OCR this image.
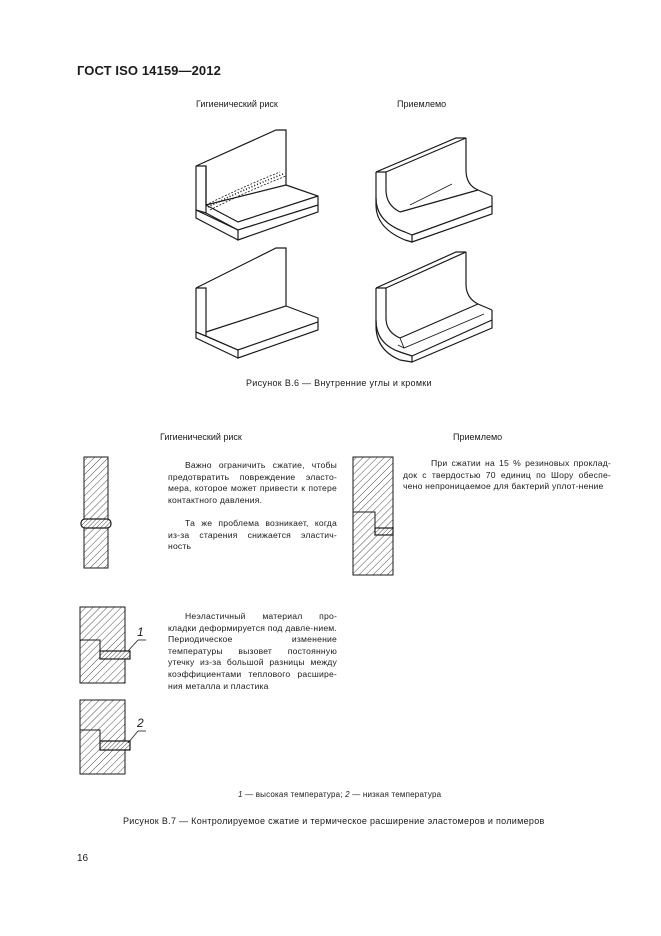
ГОСТ ISO 14159—2012
Гигиенический риск	Приемлемо
Рисунок В.6 — Внутренние углы и кромки
Гигиенический риск	Приемлемо
1
2
Важно ограничить сжатие, чтобы предотвратить повреждение эласто-мера, которое может привести к потере контактного давления.
Та же проблема возникает, когда из-за старения снижается эластич-ность
При сжатии на 15 % резиновых проклад-док с твердостью 70 единиц по Шору обеспе-чено непроницаемое для бактерий уплот-нение
Неэластичный материал про-кладки деформируется под давле-нием. Периодическое изменение температуры вызовет постоянную утечку из-за большой разницы между коэффициентами теплового расшире-ния металла и пластика
1 — высокая температура; 2 — низкая температура
Рисунок В.7 — Контролируемое сжатие и термическое расширение эластомеров и полимеров
16
